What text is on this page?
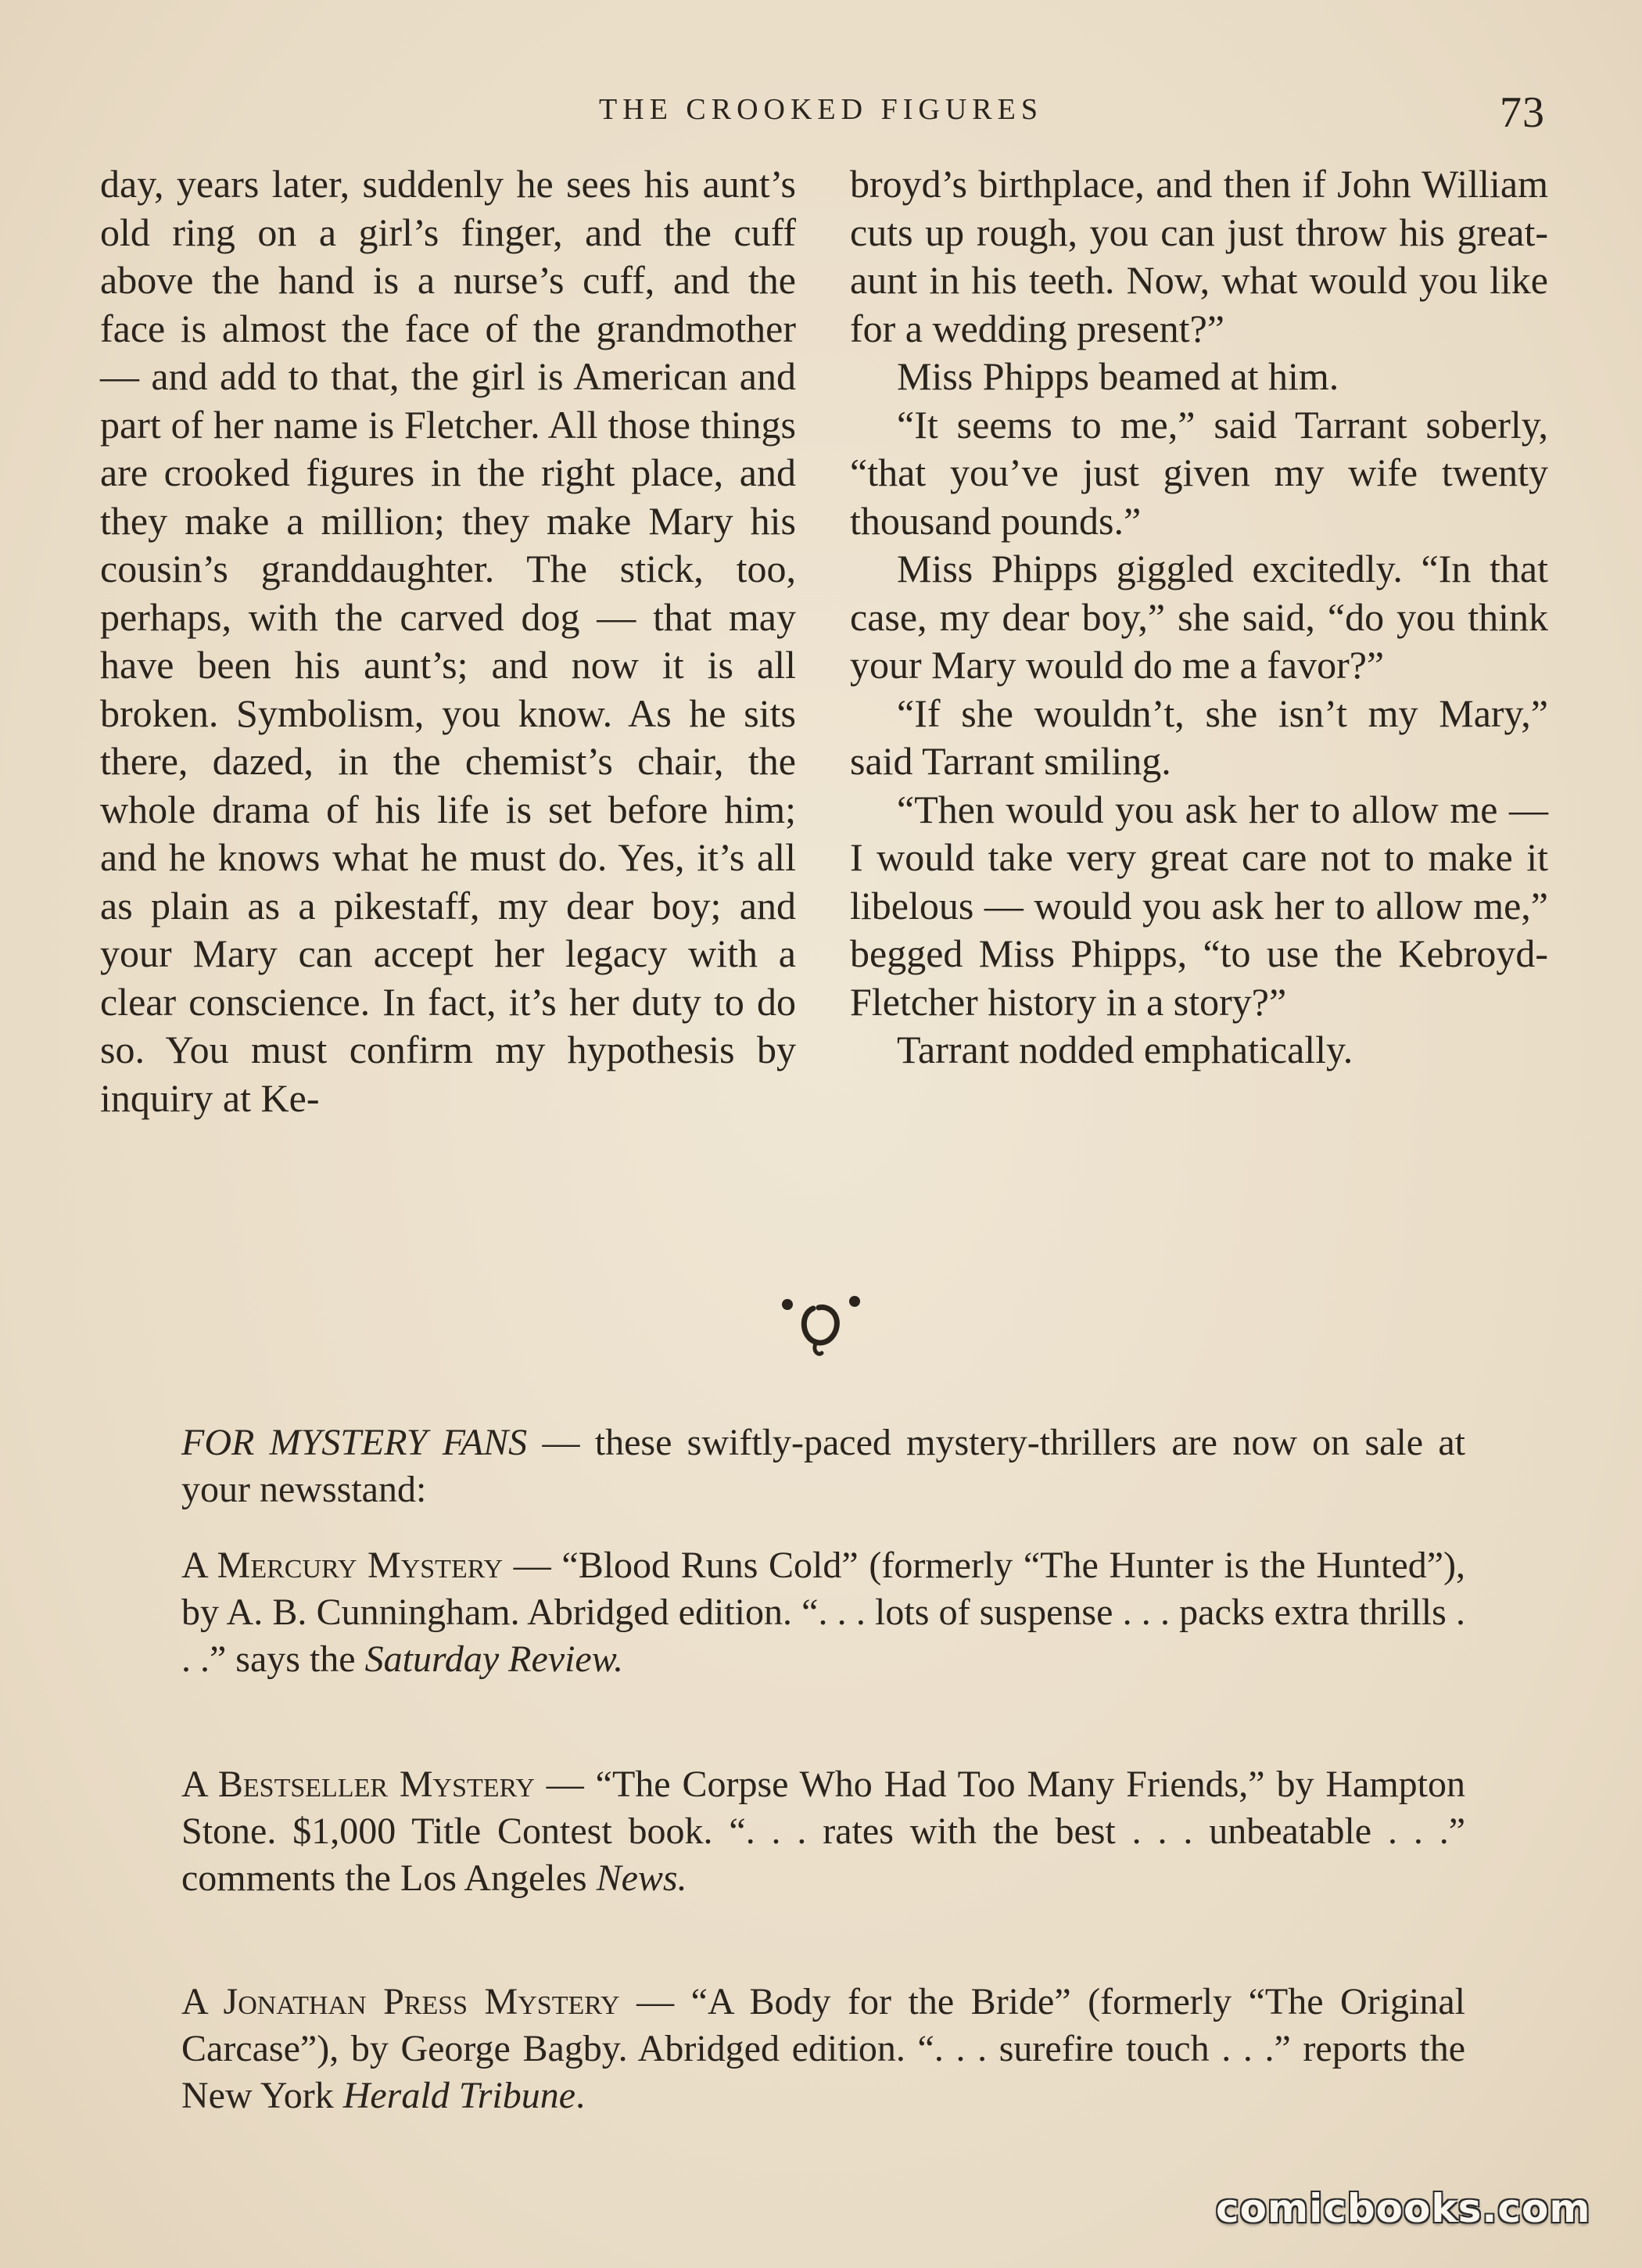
THE CROOKED FIGURES	73

day, years later, suddenly he sees his aunt’s old ring on a girl’s finger, and the cuff above the hand is a nurse’s cuff, and the face is almost the face of the grandmother — and add to that, the girl is American and part of her name is Fletcher. All those things are crooked figures in the right place, and they make a million; they make Mary his cousin’s granddaughter. The stick, too, perhaps, with the carved dog — that may have been his aunt’s; and now it is all broken. Symbolism, you know. As he sits there, dazed, in the chemist’s chair, the whole drama of his life is set before him; and he knows what he must do. Yes, it’s all as plain as a pikestaff, my dear boy; and your Mary can accept her legacy with a clear conscience. In fact, it’s her duty to do so. You must confirm my hypothesis by inquiry at Ke-

broyd’s birthplace, and then if John William cuts up rough, you can just throw his great-aunt in his teeth. Now, what would you like for a wedding present?”

Miss Phipps beamed at him.

“It seems to me,” said Tarrant soberly, “that you’ve just given my wife twenty thousand pounds.”

Miss Phipps giggled excitedly. “In that case, my dear boy,” she said, “do you think your Mary would do me a favor?”

“If she wouldn’t, she isn’t my Mary,” said Tarrant smiling.

“Then would you ask her to allow me — I would take very great care not to make it libelous — would you ask her to allow me,” begged Miss Phipps, “to use the Kebroyd-Fletcher history in a story?”

Tarrant nodded emphatically.

FOR MYSTERY FANS — these swiftly-paced mystery-thrillers are now on sale at your newsstand:

A Mercury Mystery — “Blood Runs Cold” (formerly “The Hunter is the Hunted”), by A. B. Cunningham. Abridged edition. “. . . lots of suspense . . . packs extra thrills . . .” says the Saturday Review.

A Bestseller Mystery — “The Corpse Who Had Too Many Friends,” by Hampton Stone. $1,000 Title Contest book. “. . . rates with the best . . . unbeatable . . .” comments the Los Angeles News.

A Jonathan Press Mystery — “A Body for the Bride” (formerly “The Original Carcase”), by George Bagby. Abridged edition. “. . . surefire touch . . .” reports the New York Herald Tribune.

comicbooks.com
